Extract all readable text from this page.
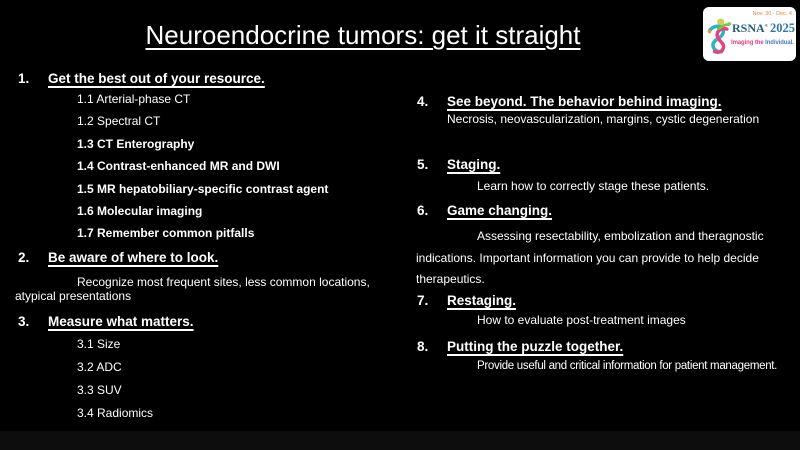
Neuroendocrine tumors: get it straight
Nov. 30 - Dec. 4
RSNA® 2025
Imaging the Individual.
1. Get the best out of your resource.
1.1 Arterial-phase CT
1.2 Spectral CT
1.3 CT Enterography
1.4 Contrast-enhanced MR and DWI
1.5 MR hepatobiliary-specific contrast agent
1.6 Molecular imaging
1.7 Remember common pitfalls
2. Be aware of where to look.
Recognize most frequent sites, less common locations, atypical presentations
3. Measure what matters.
3.1 Size
3.2 ADC
3.3 SUV
3.4 Radiomics
4. See beyond. The behavior behind imaging.
Necrosis, neovascularization, margins, cystic degeneration
5. Staging.
Learn how to correctly stage these patients.
6. Game changing.
Assessing resectability, embolization and theragnostic indications. Important information you can provide to help decide therapeutics.
7. Restaging.
How to evaluate post-treatment images
8. Putting the puzzle together.
Provide useful and critical information for patient management.
